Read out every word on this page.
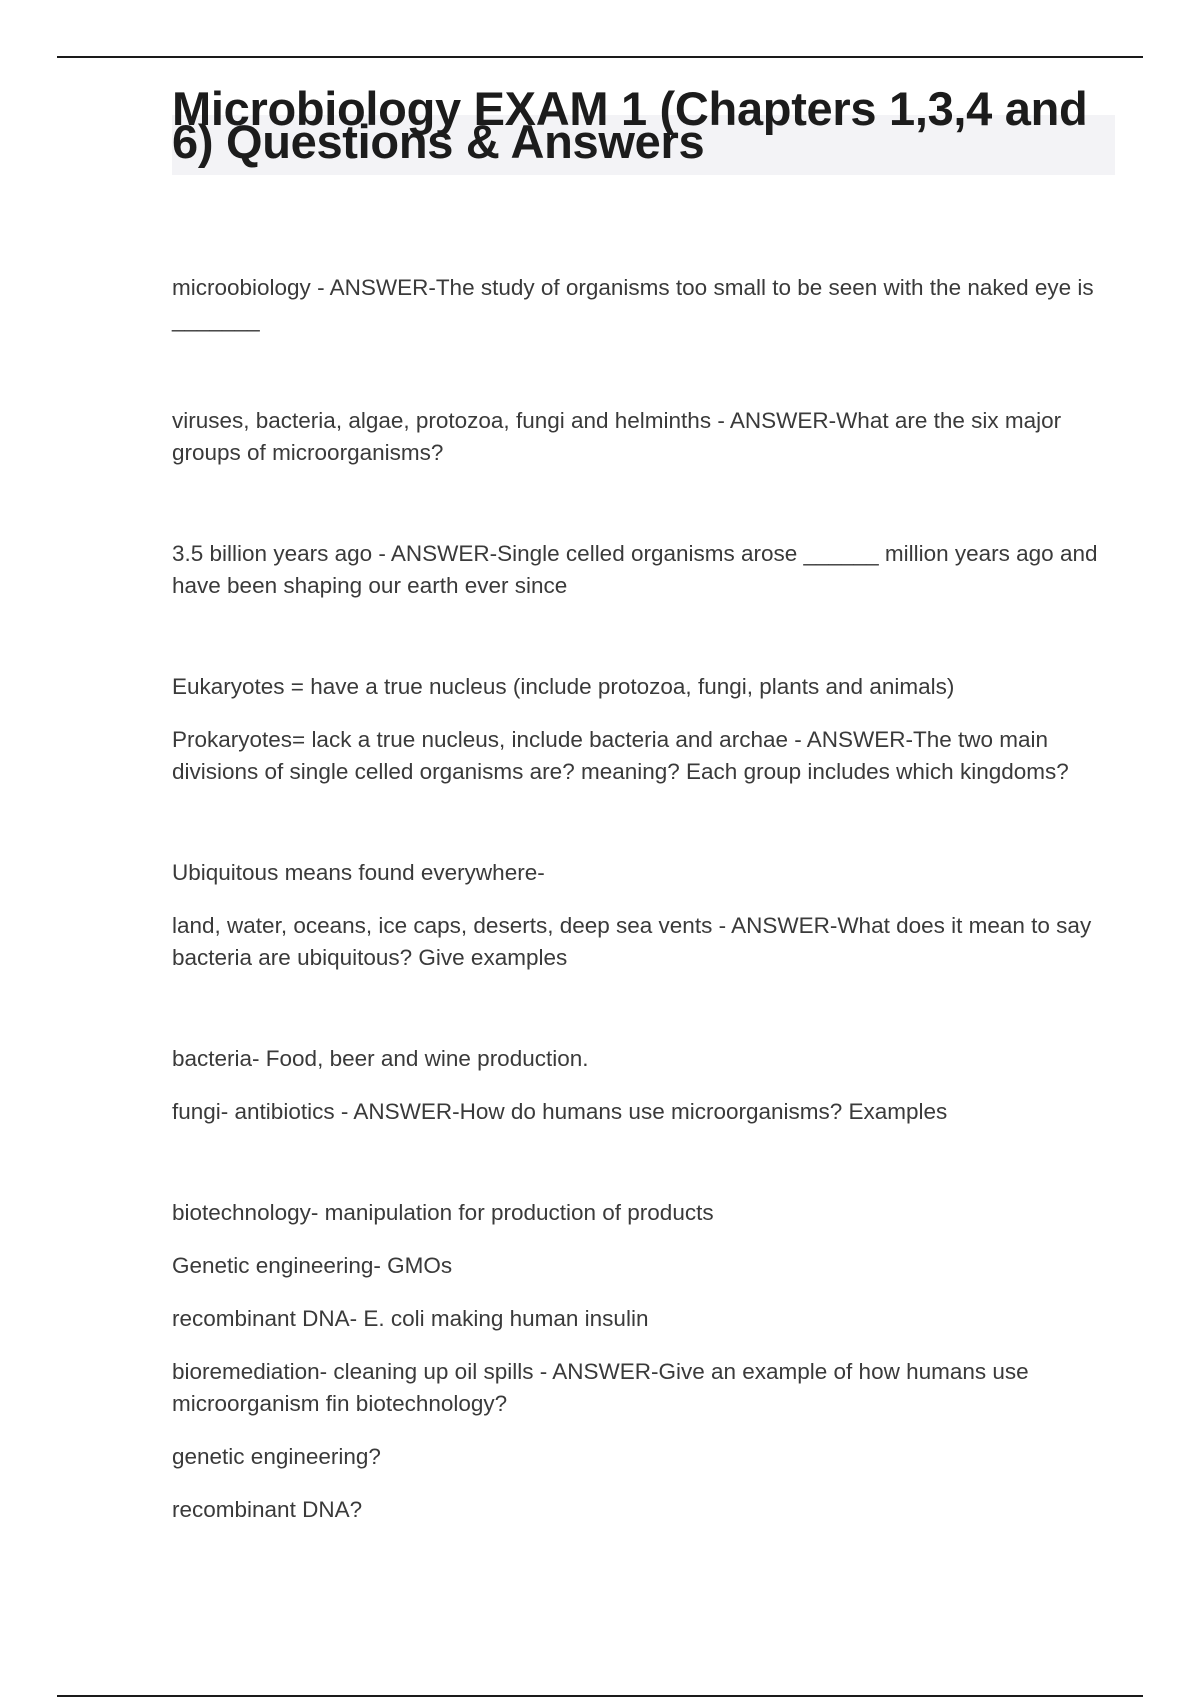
Microbiology EXAM 1 (Chapters 1,3,4 and 6) Questions & Answers

microobiology - ANSWER-The study of organisms too small to be seen with the naked eye is _______

viruses, bacteria, algae, protozoa, fungi and helminths - ANSWER-What are the six major groups of microorganisms?

3.5 billion years ago - ANSWER-Single celled organisms arose ______ million years ago and have been shaping our earth ever since

Eukaryotes = have a true nucleus (include protozoa, fungi, plants and animals)

Prokaryotes= lack a true nucleus, include bacteria and archae - ANSWER-The two main divisions of single celled organisms are? meaning? Each group includes which kingdoms?

Ubiquitous means found everywhere-

land, water, oceans, ice caps, deserts, deep sea vents - ANSWER-What does it mean to say bacteria are ubiquitous? Give examples

bacteria- Food, beer and wine production.

fungi- antibiotics - ANSWER-How do humans use microorganisms? Examples

biotechnology- manipulation for production of products

Genetic engineering- GMOs

recombinant DNA- E. coli making human insulin

bioremediation- cleaning up oil spills - ANSWER-Give an example of how humans use microorganism fin biotechnology?

genetic engineering?

recombinant DNA?
